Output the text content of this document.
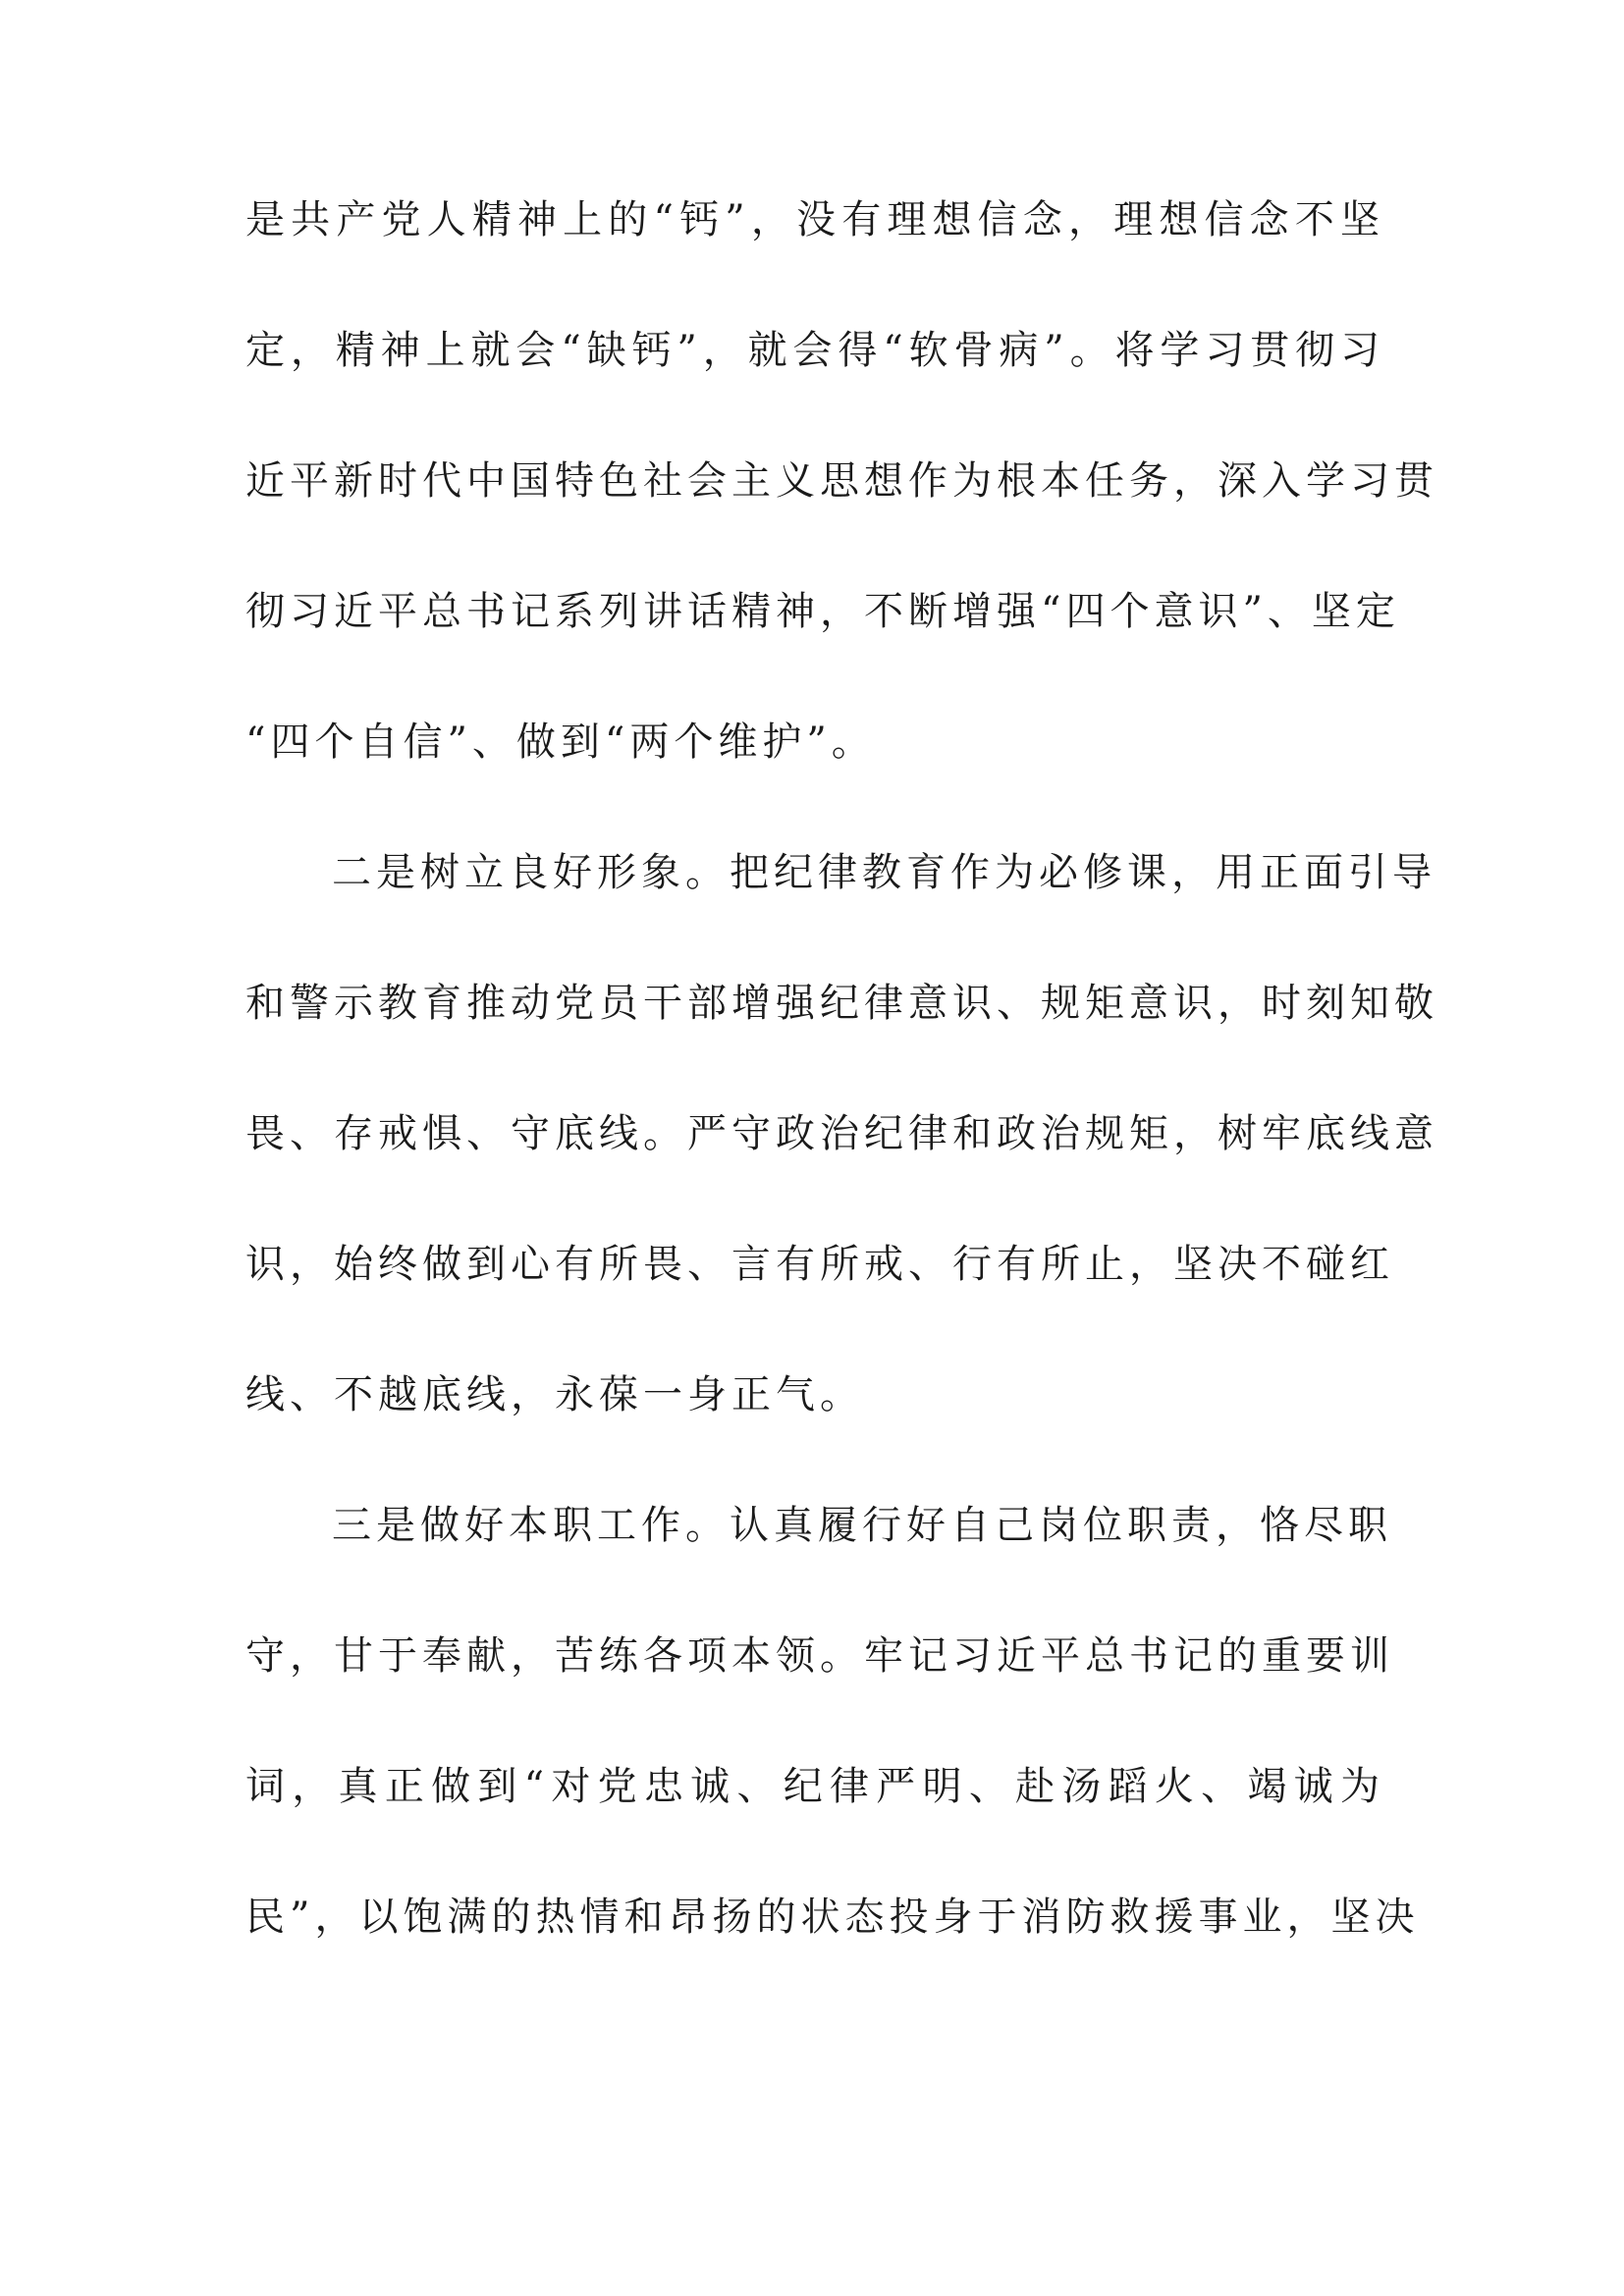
是共产党人精神上的“钙”，没有理想信念，理想信念不坚
定，精神上就会“缺钙”，就会得“软骨病”。将学习贯彻习
近平新时代中国特色社会主义思想作为根本任务，深入学习贯
彻习近平总书记系列讲话精神，不断增强“四个意识”、坚定
“四个自信”、做到“两个维护”。
二是树立良好形象。把纪律教育作为必修课，用正面引导
和警示教育推动党员干部增强纪律意识、规矩意识，时刻知敬
畏、存戒惧、守底线。严守政治纪律和政治规矩，树牢底线意
识，始终做到心有所畏、言有所戒、行有所止，坚决不碰红
线、不越底线，永葆一身正气。
三是做好本职工作。认真履行好自己岗位职责，恪尽职
守，甘于奉献，苦练各项本领。牢记习近平总书记的重要训
词，真正做到“对党忠诚、纪律严明、赴汤蹈火、竭诚为
民”，以饱满的热情和昂扬的状态投身于消防救援事业，坚决
